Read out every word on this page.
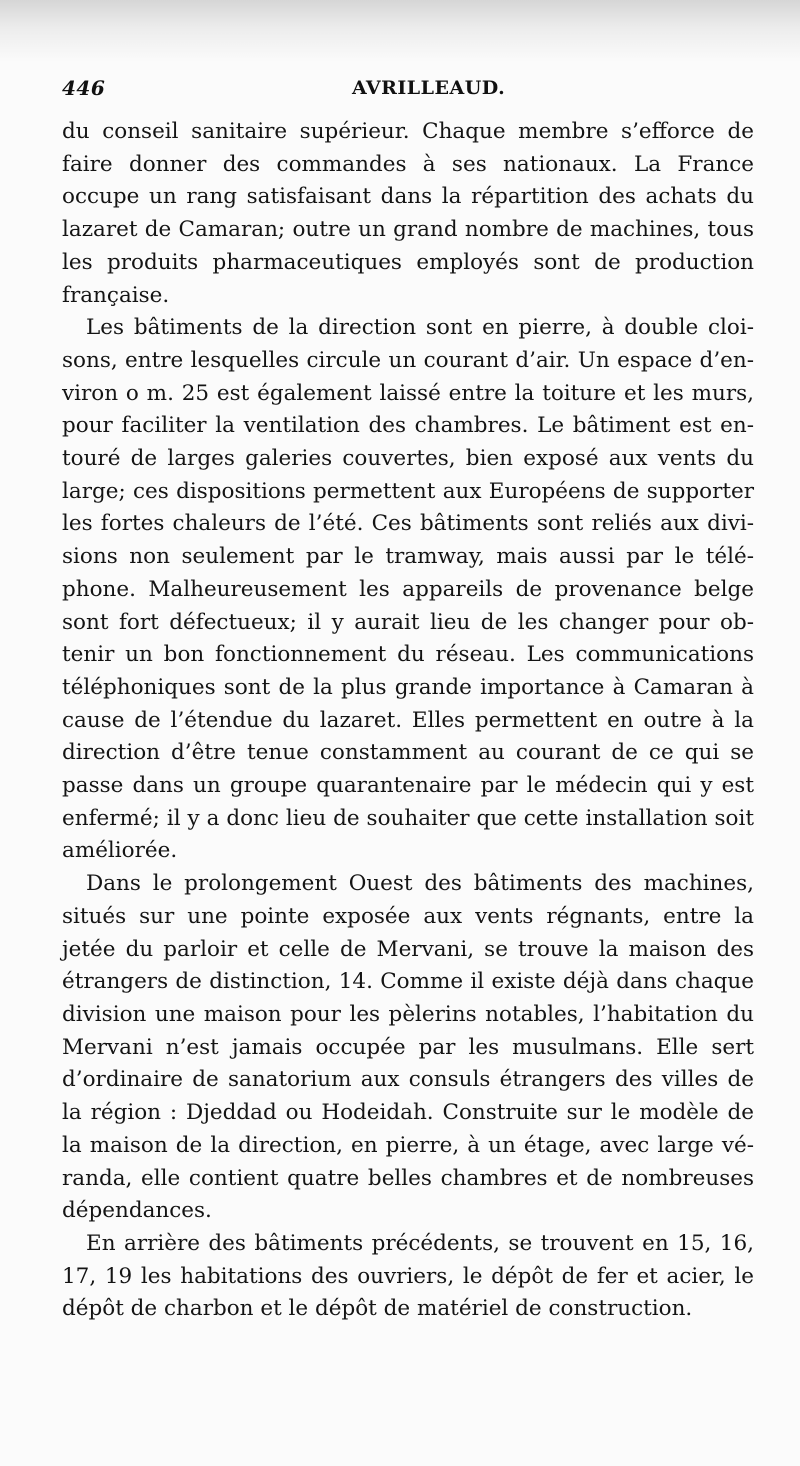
446	AVRILLEAUD.

du conseil sanitaire supérieur. Chaque membre s’efforce de faire donner des commandes à ses nationaux. La France occupe un rang satisfaisant dans la répartition des achats du lazaret de Camaran; outre un grand nombre de machines, tous les produits pharmaceutiques employés sont de production française.

Les bâtiments de la direction sont en pierre, à double cloisons, entre lesquelles circule un courant d’air. Un espace d’environ o m. 25 est également laissé entre la toiture et les murs, pour faciliter la ventilation des chambres. Le bâtiment est entouré de larges galeries couvertes, bien exposé aux vents du large; ces dispositions permettent aux Européens de supporter les fortes chaleurs de l’été. Ces bâtiments sont reliés aux divisions non seulement par le tramway, mais aussi par le téléphone. Malheureusement les appareils de provenance belge sont fort défectueux; il y aurait lieu de les changer pour obtenir un bon fonctionnement du réseau. Les communications téléphoniques sont de la plus grande importance à Camaran à cause de l’étendue du lazaret. Elles permettent en outre à la direction d’être tenue constamment au courant de ce qui se passe dans un groupe quarantenaire par le médecin qui y est enfermé; il y a donc lieu de souhaiter que cette installation soit améliorée.

Dans le prolongement Ouest des bâtiments des machines, situés sur une pointe exposée aux vents régnants, entre la jetée du parloir et celle de Mervani, se trouve la maison des étrangers de distinction, 14. Comme il existe déjà dans chaque division une maison pour les pèlerins notables, l’habitation du Mervani n’est jamais occupée par les musulmans. Elle sert d’ordinaire de sanatorium aux consuls étrangers des villes de la région : Djeddad ou Hodeidah. Construite sur le modèle de la maison de la direction, en pierre, à un étage, avec large véranda, elle contient quatre belles chambres et de nombreuses dépendances.

En arrière des bâtiments précédents, se trouvent en 15, 16, 17, 19 les habitations des ouvriers, le dépôt de fer et acier, le dépôt de charbon et le dépôt de matériel de construction.
